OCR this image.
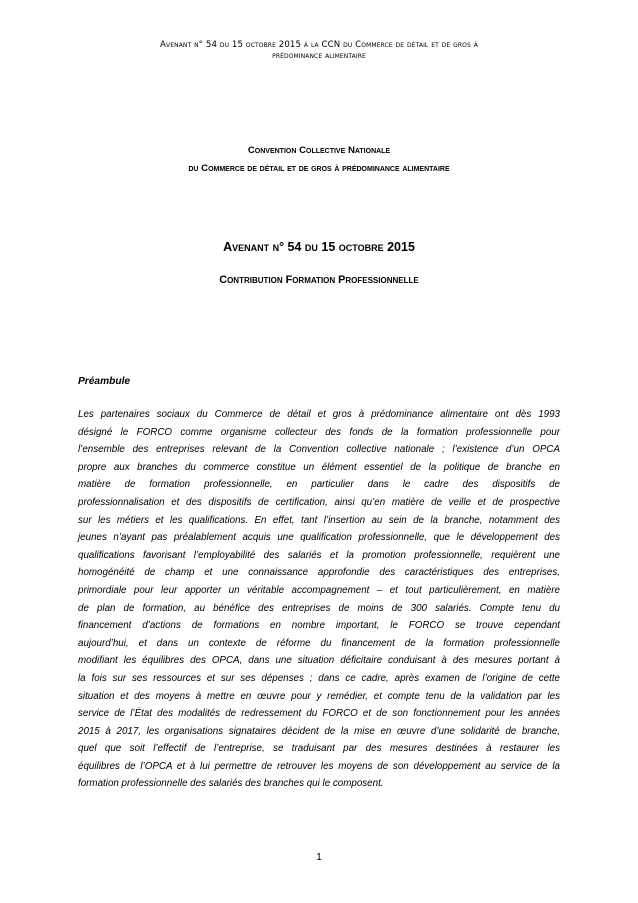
Avenant n° 54 du 15 octobre 2015 à la CCN du Commerce de détail et de gros à
prédominance alimentaire
Convention Collective Nationale
du Commerce de détail et de gros à prédominance alimentaire
Avenant n° 54 du 15 octobre 2015
Contribution Formation Professionnelle
Préambule
Les partenaires sociaux du Commerce de détail et gros à prédominance alimentaire ont dès 1993
désigné le FORCO comme organisme collecteur des fonds de la formation professionnelle pour
l’ensemble des entreprises relevant de la Convention collective nationale ; l’existence d’un OPCA
propre aux branches du commerce constitue un élément essentiel de la politique de branche en
matière de formation professionnelle, en particulier dans le cadre des dispositifs de
professionnalisation et des dispositifs de certification, ainsi qu’en matière de veille et de prospective
sur les métiers et les qualifications. En effet, tant l’insertion au sein de la branche, notamment des
jeunes n’ayant pas préalablement acquis une qualification professionnelle, que le développement des
qualifications favorisant l’employabilité des salariés et la promotion professionnelle, requièrent une
homogénéité de champ et une connaissance approfondie des caractéristiques des entreprises,
primordiale pour leur apporter un véritable accompagnement – et tout particulièrement, en matière
de plan de formation, au bénéfice des entreprises de moins de 300 salariés. Compte tenu du
financement d’actions de formations en nombre important, le FORCO se trouve cependant
aujourd’hui, et dans un contexte de réforme du financement de la formation professionnelle
modifiant les équilibres des OPCA, dans une situation déficitaire conduisant à des mesures portant à
la fois sur ses ressources et sur ses dépenses ; dans ce cadre, après examen de l’origine de cette
situation et des moyens à mettre en œuvre pour y remédier, et compte tenu de la validation par les
service de l’État des modalités de redressement du FORCO et de son fonctionnement pour les années
2015 à 2017, les organisations signataires décident de la mise en œuvre d’une solidarité de branche,
quel que soit l’effectif de l’entreprise, se traduisant par des mesures destinées à restaurer les
équilibres de l’OPCA et à lui permettre de retrouver les moyens de son développement au service de la
formation professionnelle des salariés des branches qui le composent.
1
